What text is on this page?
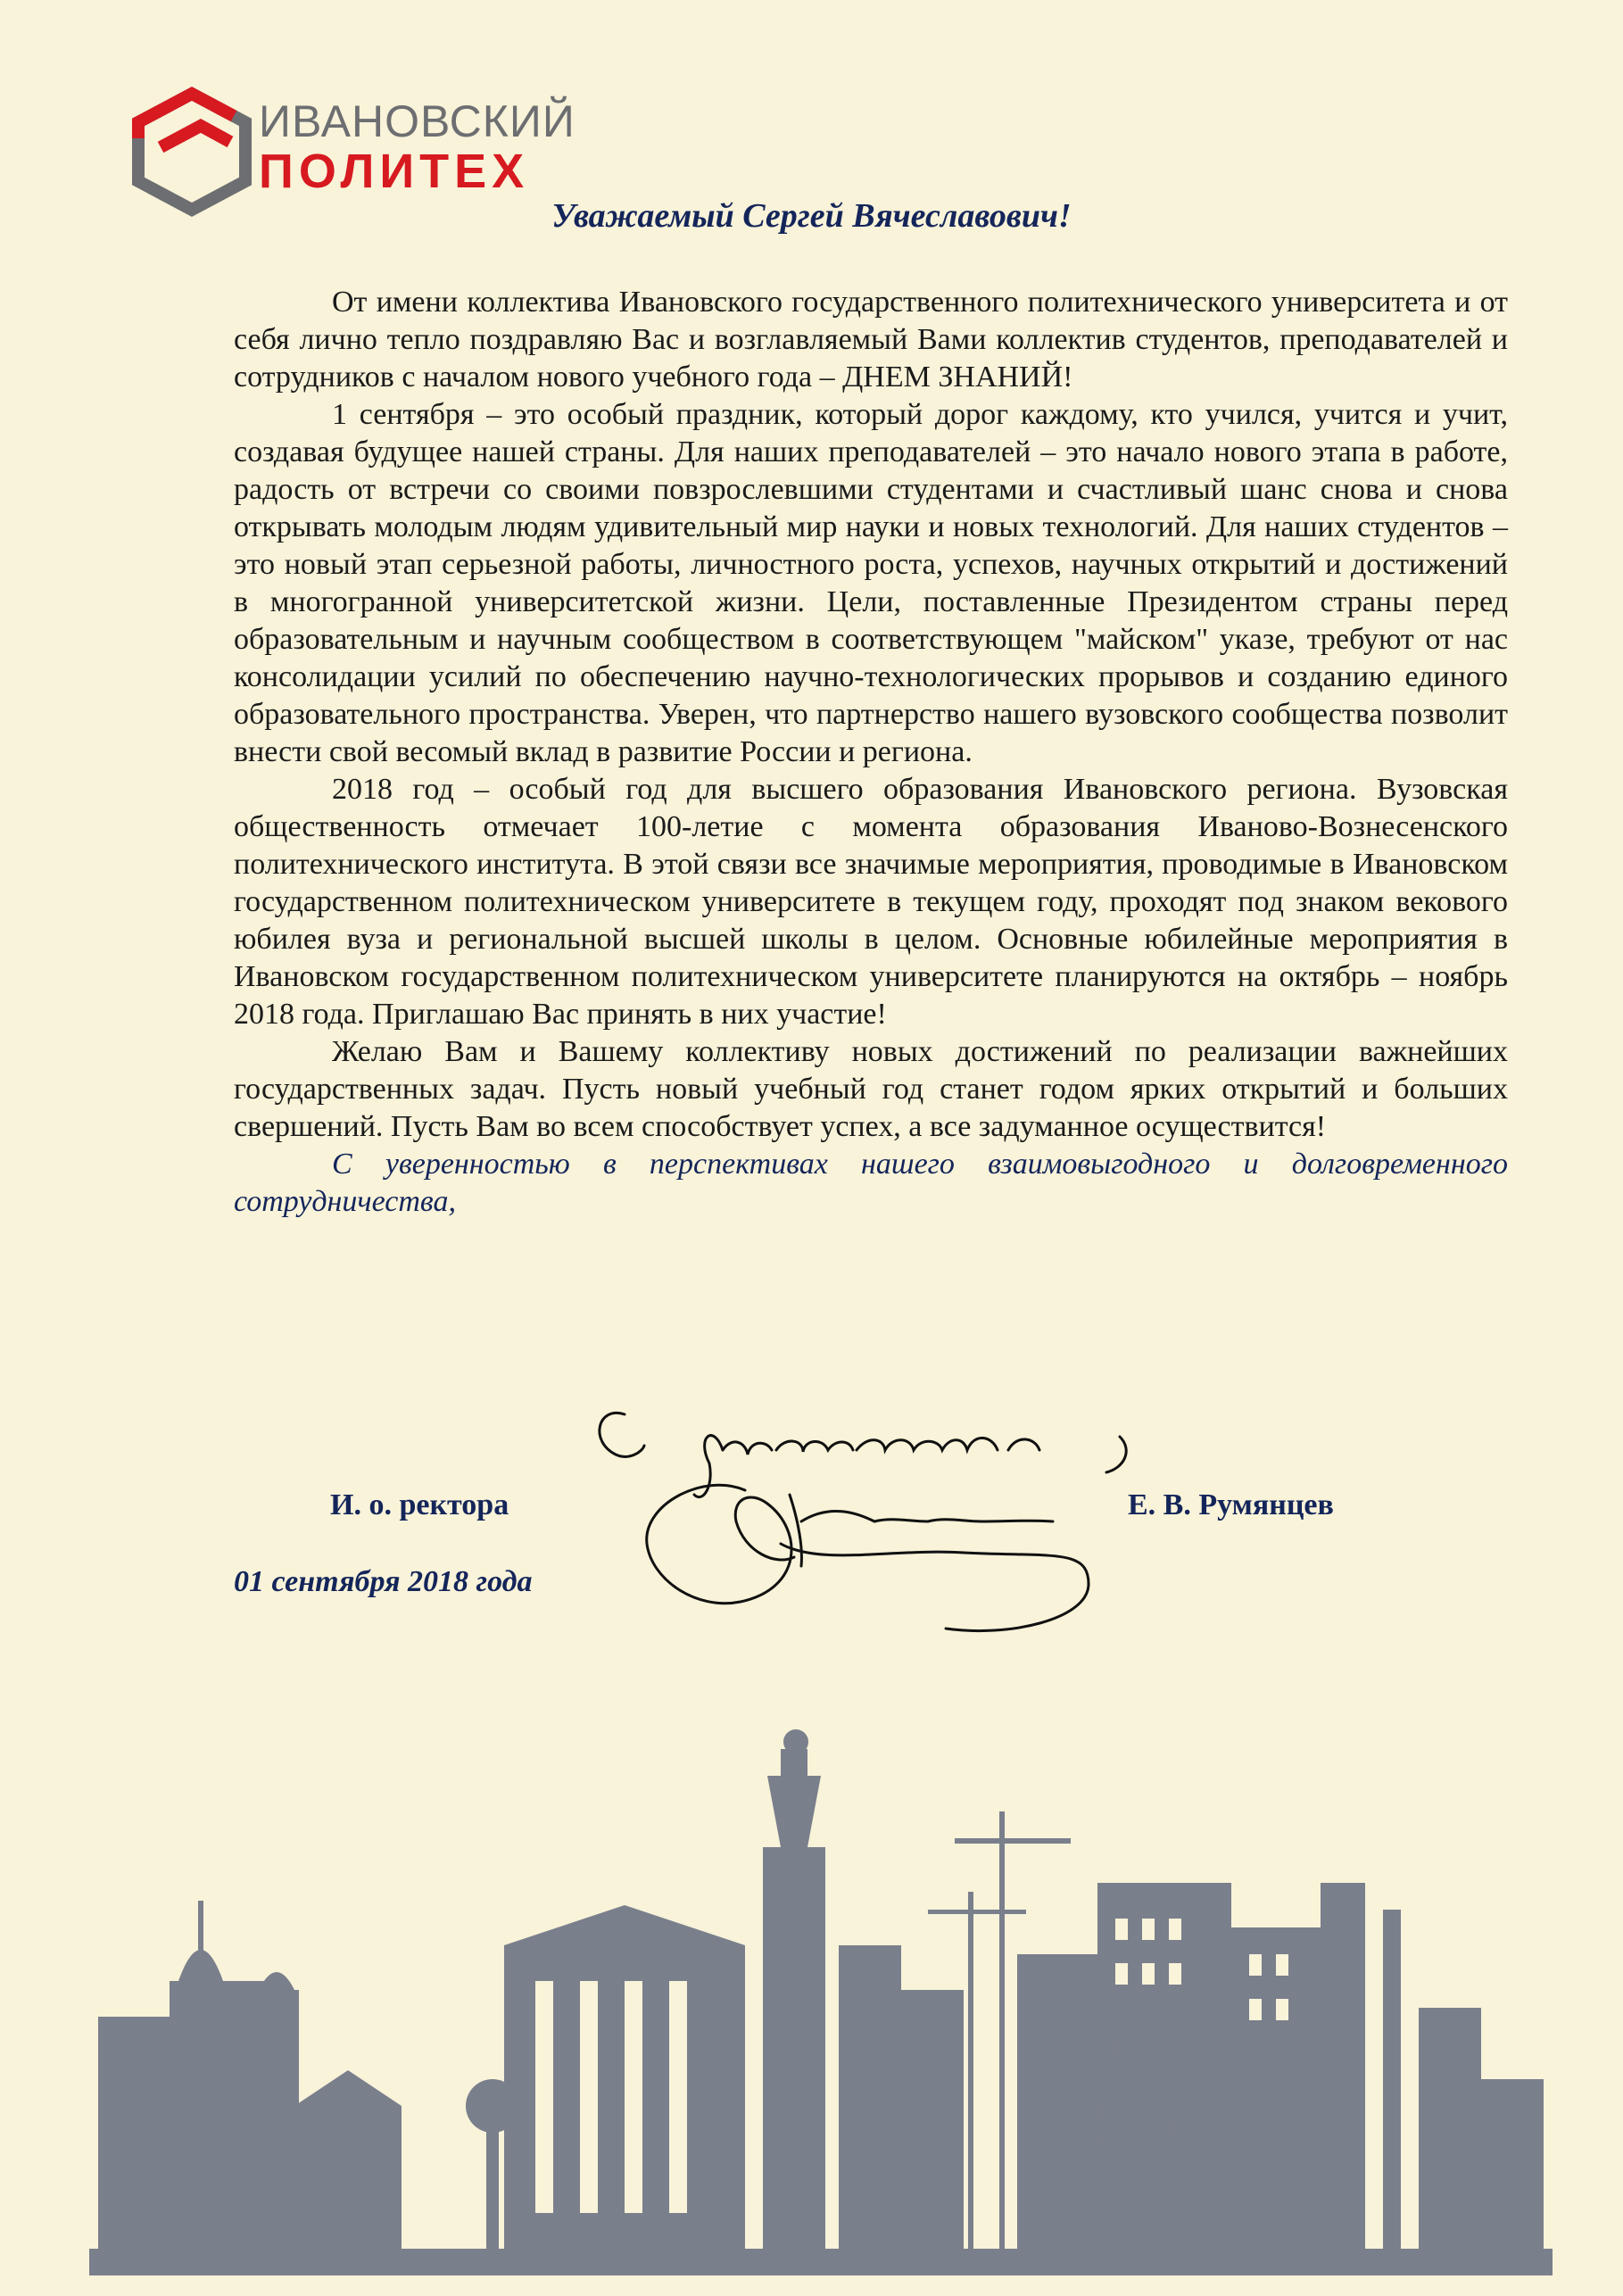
ИВАНОВСКИЙ
ПОЛИТЕХ
Уважаемый Сергей Вячеславович!

От имени коллектива Ивановского государственного политехнического университета и от себя лично тепло поздравляю Вас и возглавляемый Вами коллектив студентов, преподавателей и сотрудников с началом нового учебного года – ДНЕМ ЗНАНИЙ!

1 сентября – это особый праздник, который дорог каждому, кто учился, учится и учит, создавая будущее нашей страны. Для наших преподавателей – это начало нового этапа в работе, радость от встречи со своими повзрослевшими студентами и счастливый шанс снова и снова открывать молодым людям удивительный мир науки и новых технологий. Для наших студентов – это новый этап серьезной работы, личностного роста, успехов, научных открытий и достижений в многогранной университетской жизни. Цели, поставленные Президентом страны перед образовательным и научным сообществом в соответствующем "майском" указе, требуют от нас консолидации усилий по обеспечению научно-технологических прорывов и созданию единого образовательного пространства. Уверен, что партнерство нашего вузовского сообщества позволит внести свой весомый вклад в развитие России и региона.

2018 год – особый год для высшего образования Ивановского региона. Вузовская общественность отмечает 100-летие с момента образования Иваново-Вознесенского политехнического института. В этой связи все значимые мероприятия, проводимые в Ивановском государственном политехническом университете в текущем году, проходят под знаком векового юбилея вуза и региональной высшей школы в целом. Основные юбилейные мероприятия в Ивановском государственном политехническом университете планируются на октябрь – ноябрь 2018 года. Приглашаю Вас принять в них участие!

Желаю Вам и Вашему коллективу новых достижений по реализации важнейших государственных задач. Пусть новый учебный год станет годом ярких открытий и больших свершений. Пусть Вам во всем способствует успех, а все задуманное осуществится!

С уверенностью в перспективах нашего взаимовыгодного и долговременного сотрудничества,

И. о. ректора	Е. В. Румянцев
01 сентября 2018 года
